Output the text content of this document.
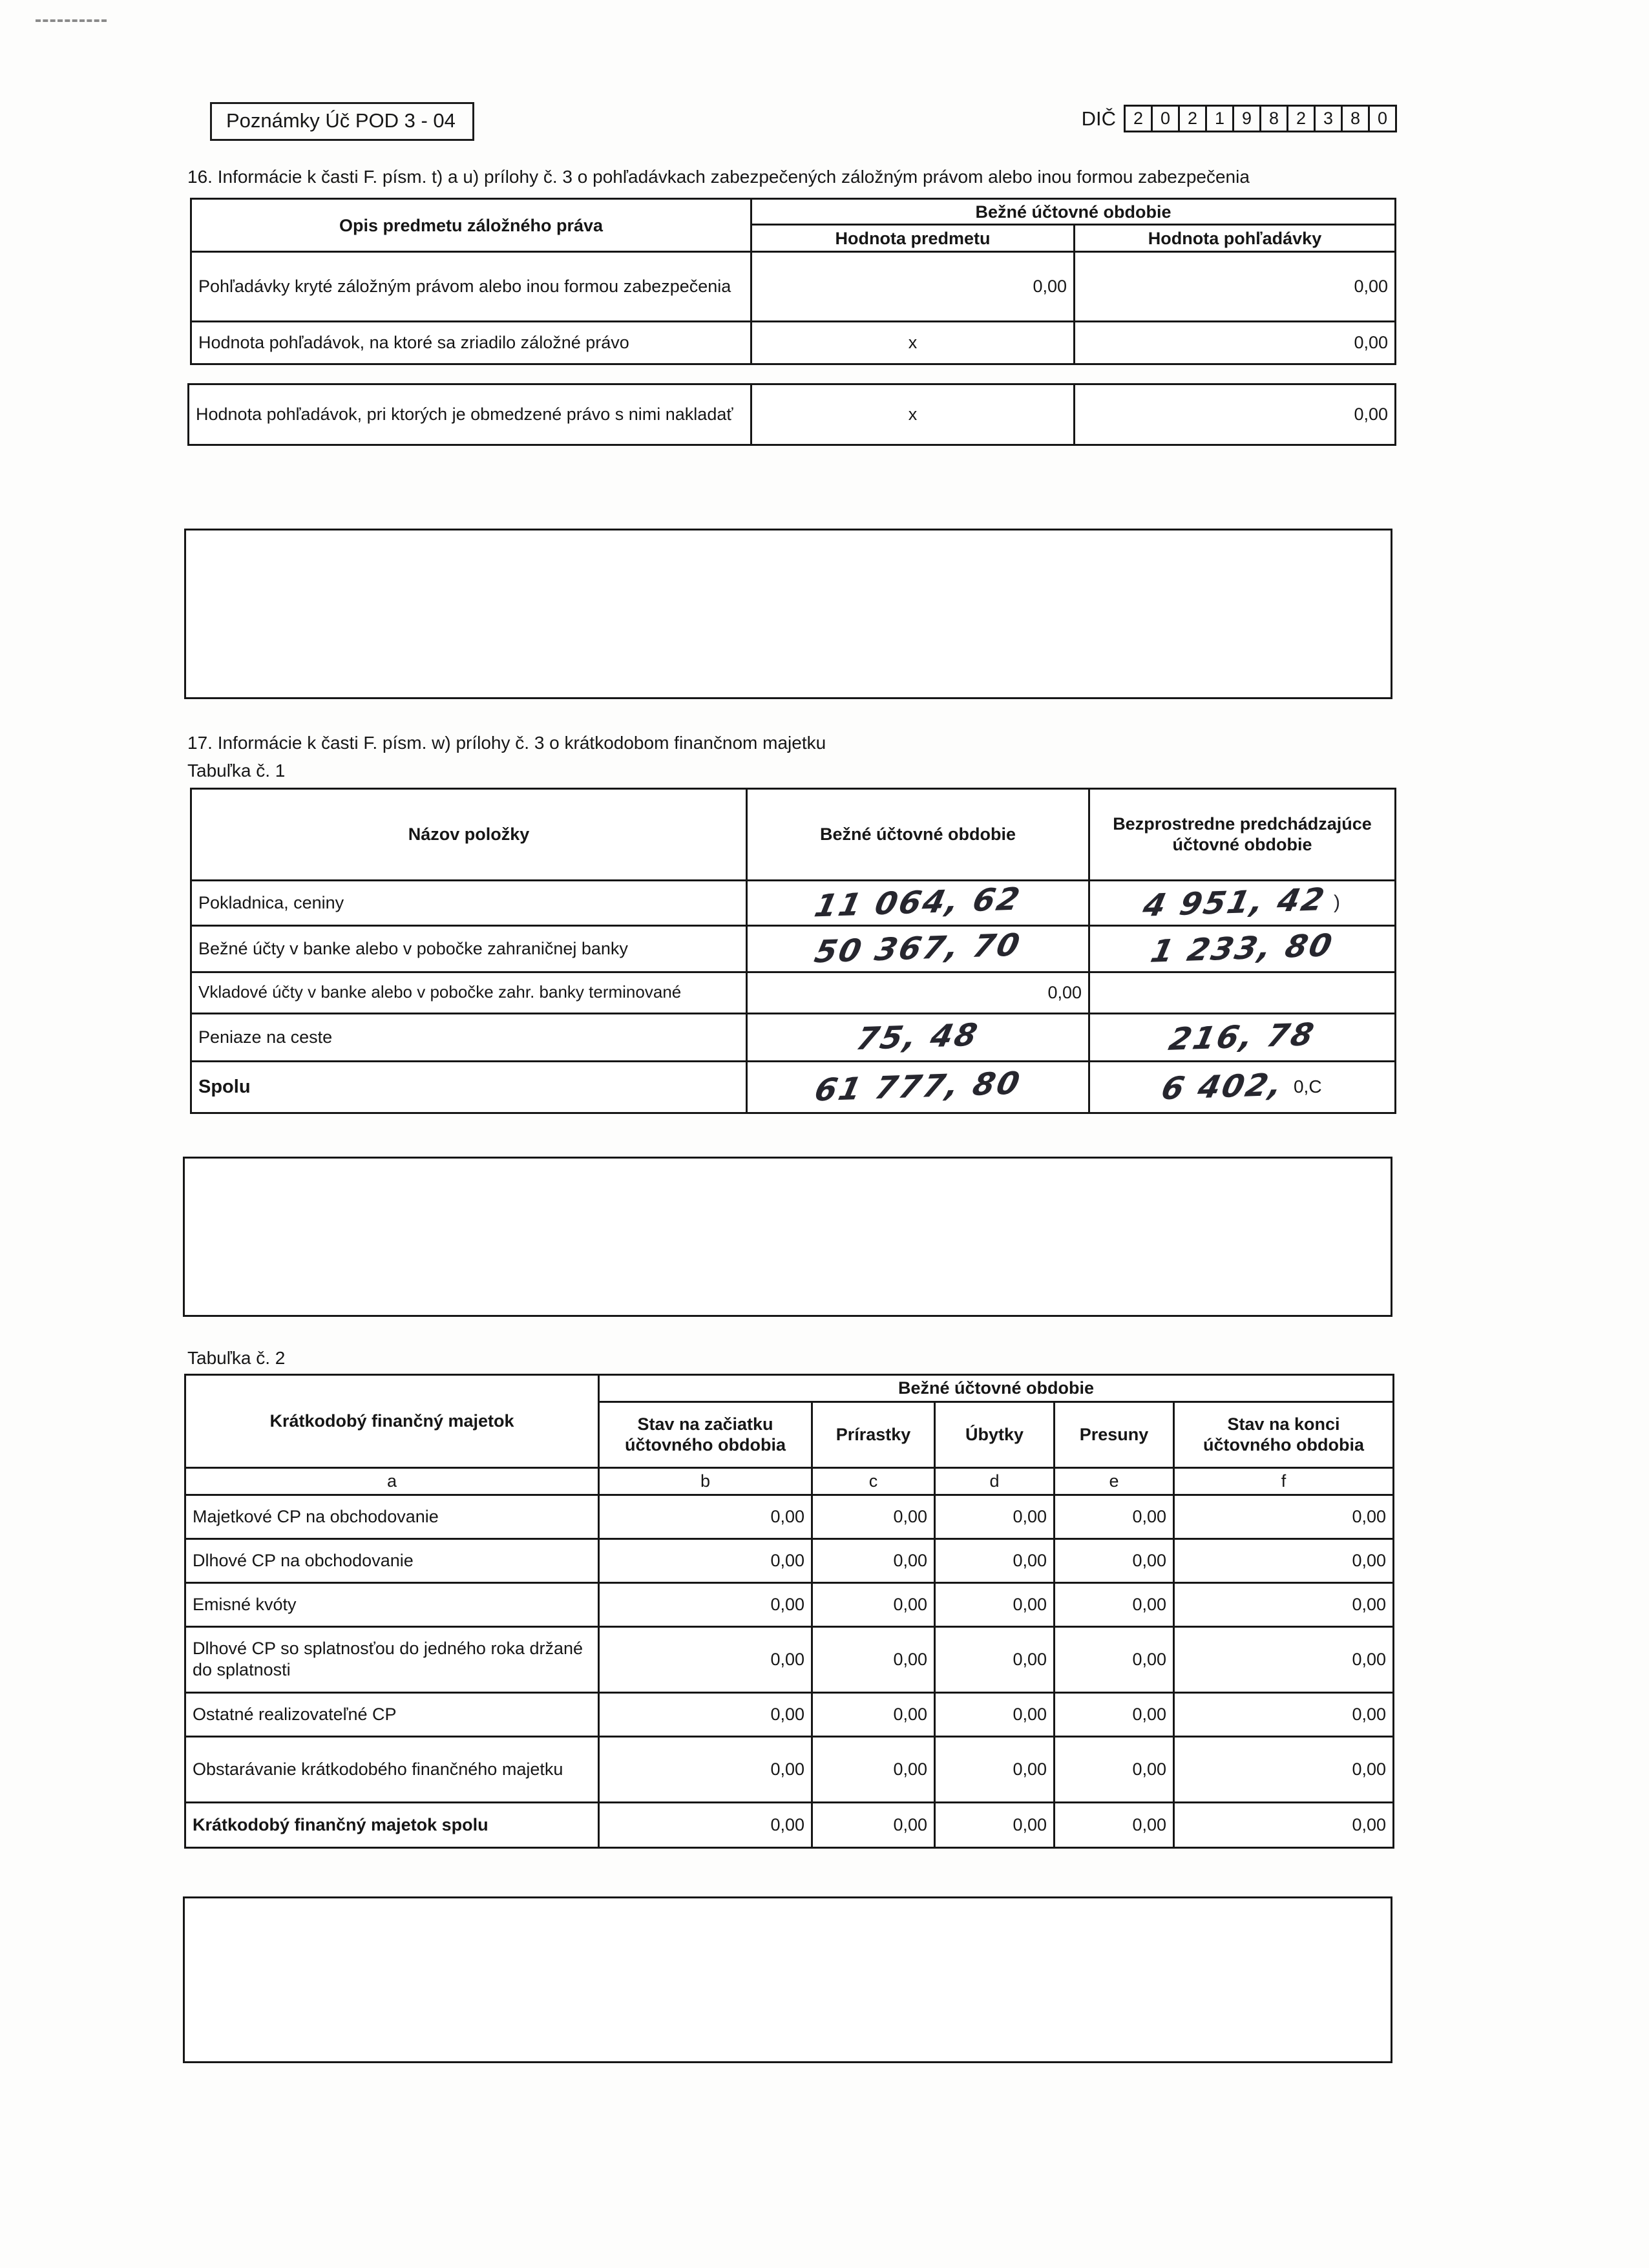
Poznámky Úč POD 3 - 04	DIČ 2 0 2 1 9 8 2 3 8 0
16. Informácie k časti F. písm. t) a u) prílohy č. 3 o pohľadávkach zabezpečených záložným právom alebo inou formou zabezpečenia
Opis predmetu záložného práva	Bežné účtovné obdobie	
	Hodnota predmetu	Hodnota pohľadávky
Pohľadávky kryté záložným právom alebo inou formou zabezpečenia	0,00	0,00
Hodnota pohľadávok, na ktoré sa zriadilo záložné právo	x	0,00
Hodnota pohľadávok, pri ktorých je obmedzené právo s nimi nakladať	x	0,00
17. Informácie k časti F. písm. w) prílohy č. 3 o krátkodobom finančnom majetku
Tabuľka č. 1
Názov položky	Bežné účtovné obdobie	Bezprostredne predchádzajúce účtovné obdobie
Pokladnica, ceniny	11 064, 62	4 951, 42 )

Bežné účty v banke alebo v pobočke zahraničnej banky	50 367, 70	1 233, 80
Vkladové účty v banke alebo v pobočke zahr. banky terminované	0,00	
Peniaze na ceste	75, 48	216, 78
Spolu	61 777, 80	6 402, 0,C
Tabuľka č. 2
Krátkodobý finančný majetok	Bežné účtovné obdobie				
	Stav na začiatku účtovného obdobia	Prírastky	Úbytky	Presuny	Stav na konci účtovného obdobia
a	b	c	d	e	f
Majetkové CP na obchodovanie	0,00	0,00	0,00	0,00	0,00
Dlhové CP na obchodovanie	0,00	0,00	0,00	0,00	0,00
Emisné kvóty	0,00	0,00	0,00	0,00	0,00
Dlhové CP so splatnosťou do jedného roka držané do splatnosti	0,00	0,00	0,00	0,00	0,00
Ostatné realizovateľné CP	0,00	0,00	0,00	0,00	0,00
Obstarávanie krátkodobého finančného majetku	0,00	0,00	0,00	0,00	0,00
Krátkodobý finančný majetok spolu	0,00	0,00	0,00	0,00	0,00
